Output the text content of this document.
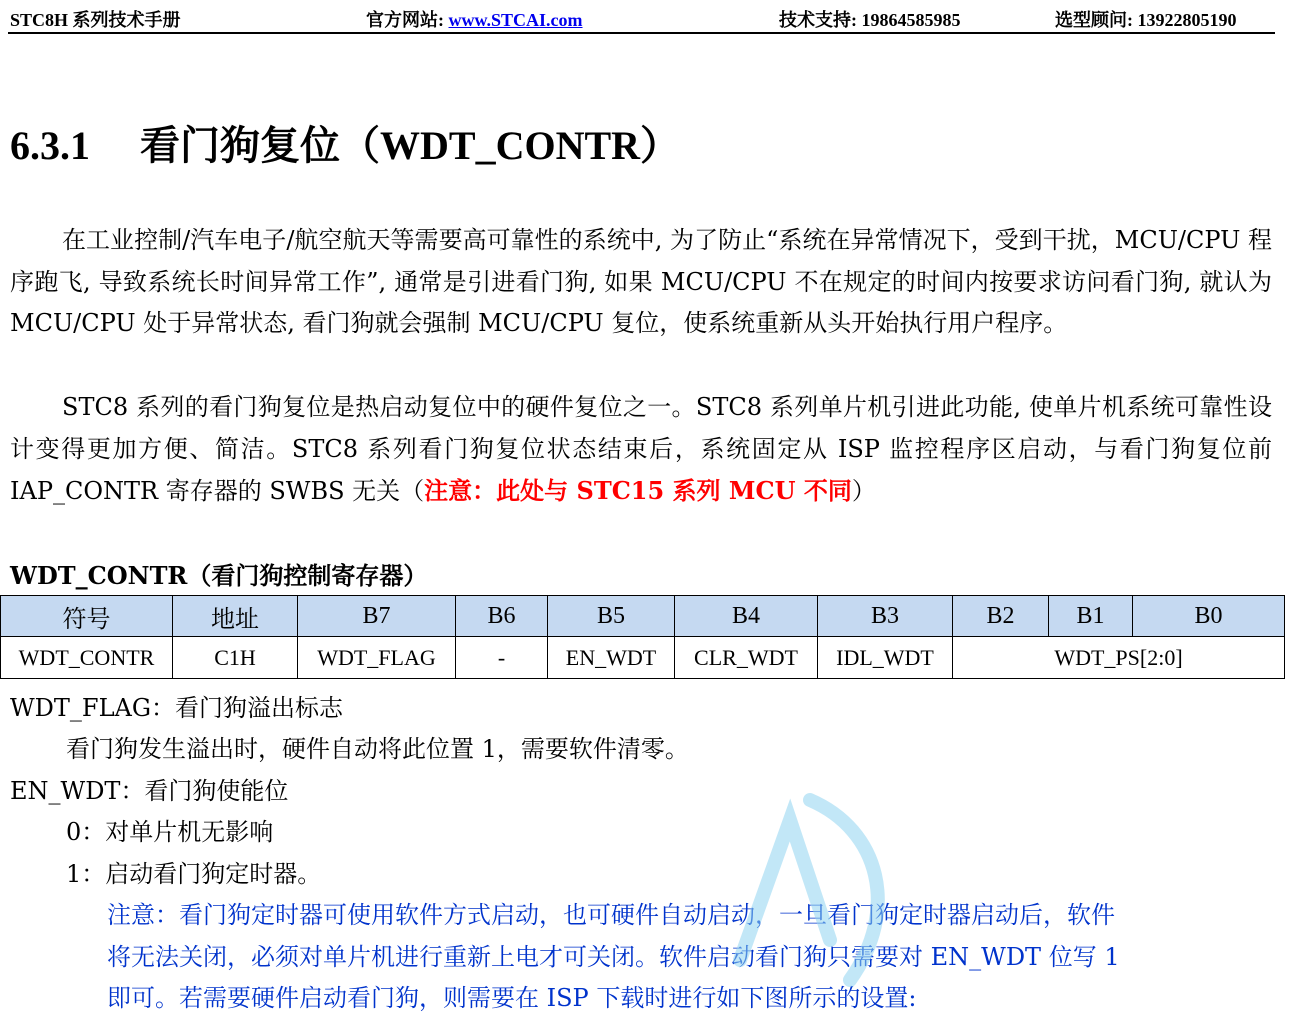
STC8H 系列技术手册	官方网站: www.STCAI.com	技术支持: 19864585985	选型顾问: 13922805190
6.3.1 看门狗复位（WDT_CONTR）

在工业控制/汽车电子/航空航天等需要高可靠性的系统中, 为了防止“系统在异常情况下，受到干扰，MCU/CPU 程序跑飞, 导致系统长时间异常工作”, 通常是引进看门狗, 如果 MCU/CPU 不在规定的时间内按要求访问看门狗, 就认为 MCU/CPU 处于异常状态, 看门狗就会强制 MCU/CPU 复位，使系统重新从头开始执行用户程序。

STC8 系列的看门狗复位是热启动复位中的硬件复位之一。STC8 系列单片机引进此功能, 使单片机系统可靠性设计变得更加方便、简洁。STC8 系列看门狗复位状态结束后，系统固定从 ISP 监控程序区启动，与看门狗复位前 IAP_CONTR 寄存器的 SWBS 无关（注意：此处与 STC15 系列 MCU 不同）

WDT_CONTR（看门狗控制寄存器）
符号	地址	B7	B6	B5	B4	B3	B2	B1	B0
WDT_CONTR	C1H	WDT_FLAG	-	EN_WDT	CLR_WDT	IDL_WDT	WDT_PS[2:0]		
WDT_FLAG：看门狗溢出标志
看门狗发生溢出时，硬件自动将此位置 1，需要软件清零。
EN_WDT：看门狗使能位
0：对单片机无影响
1：启动看门狗定时器。
注意：看门狗定时器可使用软件方式启动，也可硬件自动启动，一旦看门狗定时器启动后，软件
将无法关闭，必须对单片机进行重新上电才可关闭。软件启动看门狗只需要对 EN_WDT 位写 1
即可。若需要硬件启动看门狗，则需要在 ISP 下载时进行如下图所示的设置:
